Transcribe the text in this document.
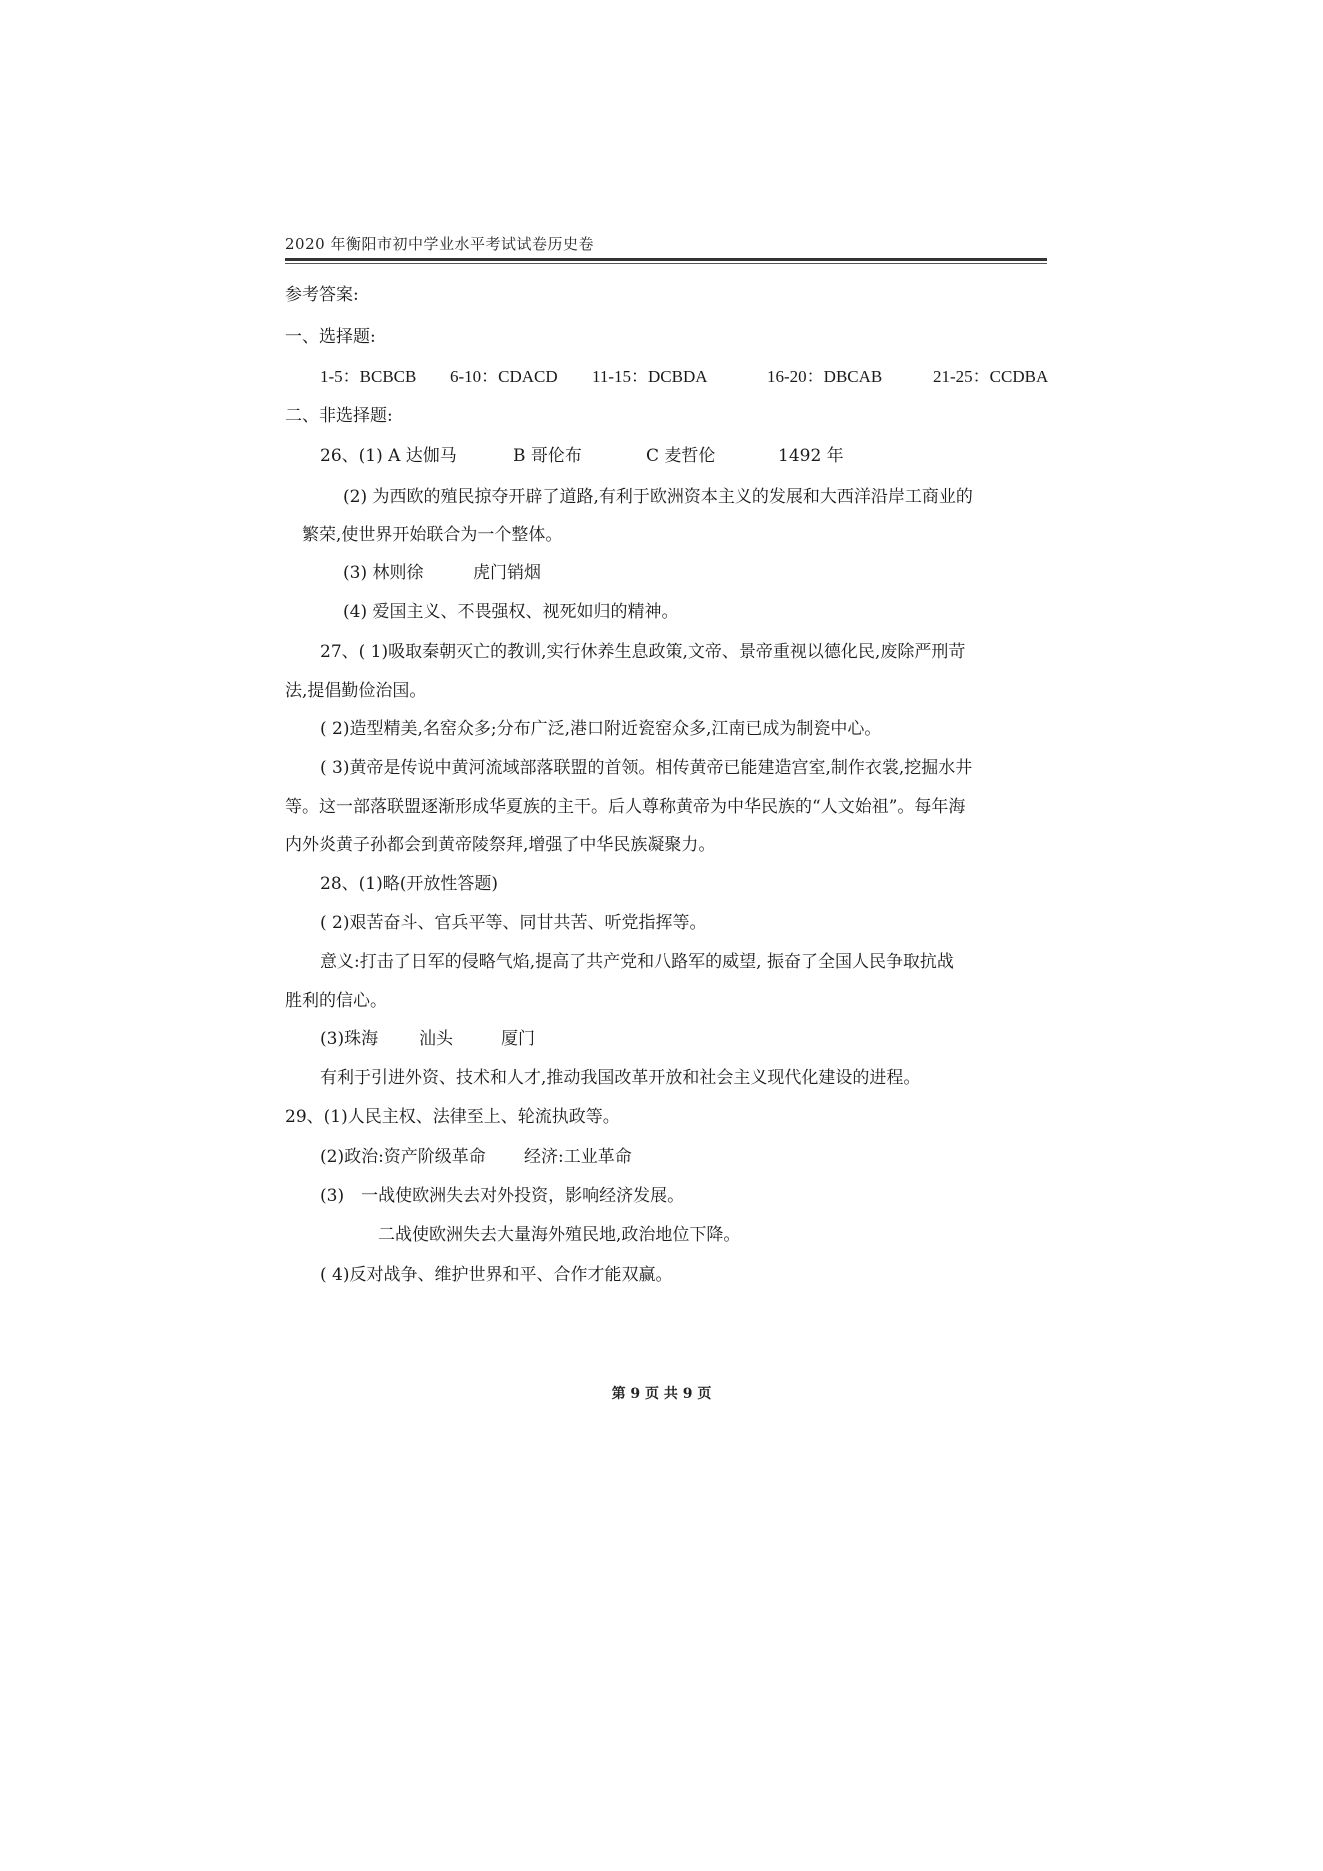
2020 年衡阳市初中学业水平考试试卷历史卷
参考答案:
一、选择题:
1-5：BCBCB 6-10：CDACD 11-15：DCBDA	16-20：DBCAB	21-25：CCDBA
二、非选择题:
26、(1) A 达伽马	B 哥伦布	C 麦哲伦	1492 年
(2) 为西欧的殖民掠夺开辟了道路,有利于欧洲资本主义的发展和大西洋沿岸工商业的
繁荣,使世界开始联合为一个整体。
(3) 林则徐	虎门销烟
(4) 爱国主义、不畏强权、视死如归的精神。
27、( 1)吸取秦朝灭亡的教训,实行休养生息政策,文帝、景帝重视以德化民,废除严刑苛
法,提倡勤俭治国。
( 2)造型精美,名窑众多;分布广泛,港口附近瓷窑众多,江南已成为制瓷中心。
( 3)黄帝是传说中黄河流域部落联盟的首领。相传黄帝已能建造宫室,制作衣裳,挖掘水井
等。这一部落联盟逐渐形成华夏族的主干。后人尊称黄帝为中华民族的“人文始祖”。每年海
内外炎黄子孙都会到黄帝陵祭拜,增强了中华民族凝聚力。
28、(1)略(开放性答题)
( 2)艰苦奋斗、官兵平等、同甘共苦、听党指挥等。
意义:打击了日军的侵略气焰,提高了共产党和八路军的威望, 振奋了全国人民争取抗战
胜利的信心。
(3)珠海 汕头	厦门
有利于引进外资、技术和人才,推动我国改革开放和社会主义现代化建设的进程。
29、(1)人民主权、法律至上、轮流执政等。
(2)政治:资产阶级革命 经济:工业革命
(3)　一战使欧洲失去对外投资，影响经济发展。
二战使欧洲失去大量海外殖民地,政治地位下降。
( 4)反对战争、维护世界和平、合作才能双赢。
第 9 页 共 9 页
